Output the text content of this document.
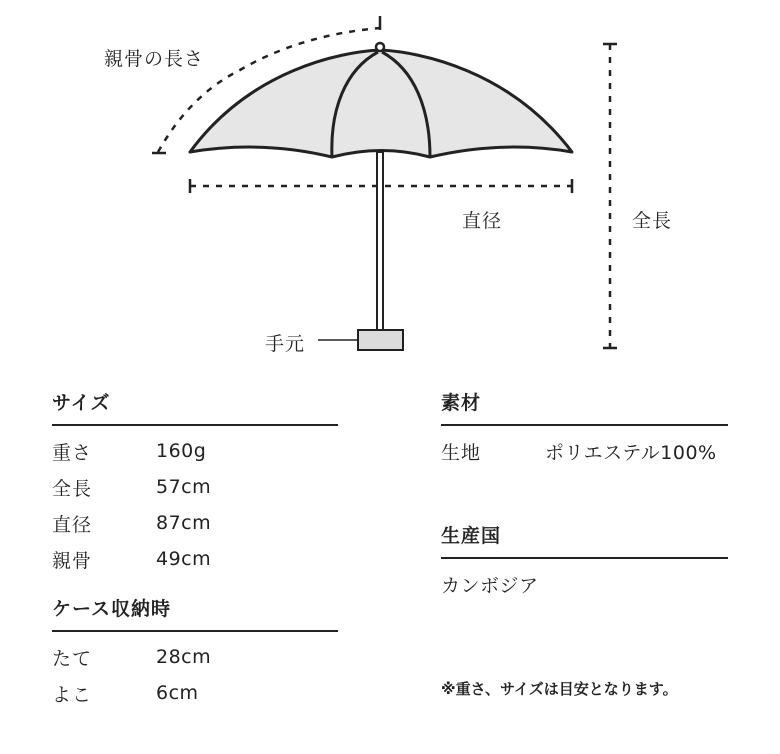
親骨の長さ
直径	全長
手元
サイズ
重さ	160g
全長	57cm
直径	87cm
親骨	49cm
ケース収納時
たて	28cm
よこ	6cm
素材
生地	ポリエステル100%
生産国
カンボジア
※重さ、サイズは目安となります。
